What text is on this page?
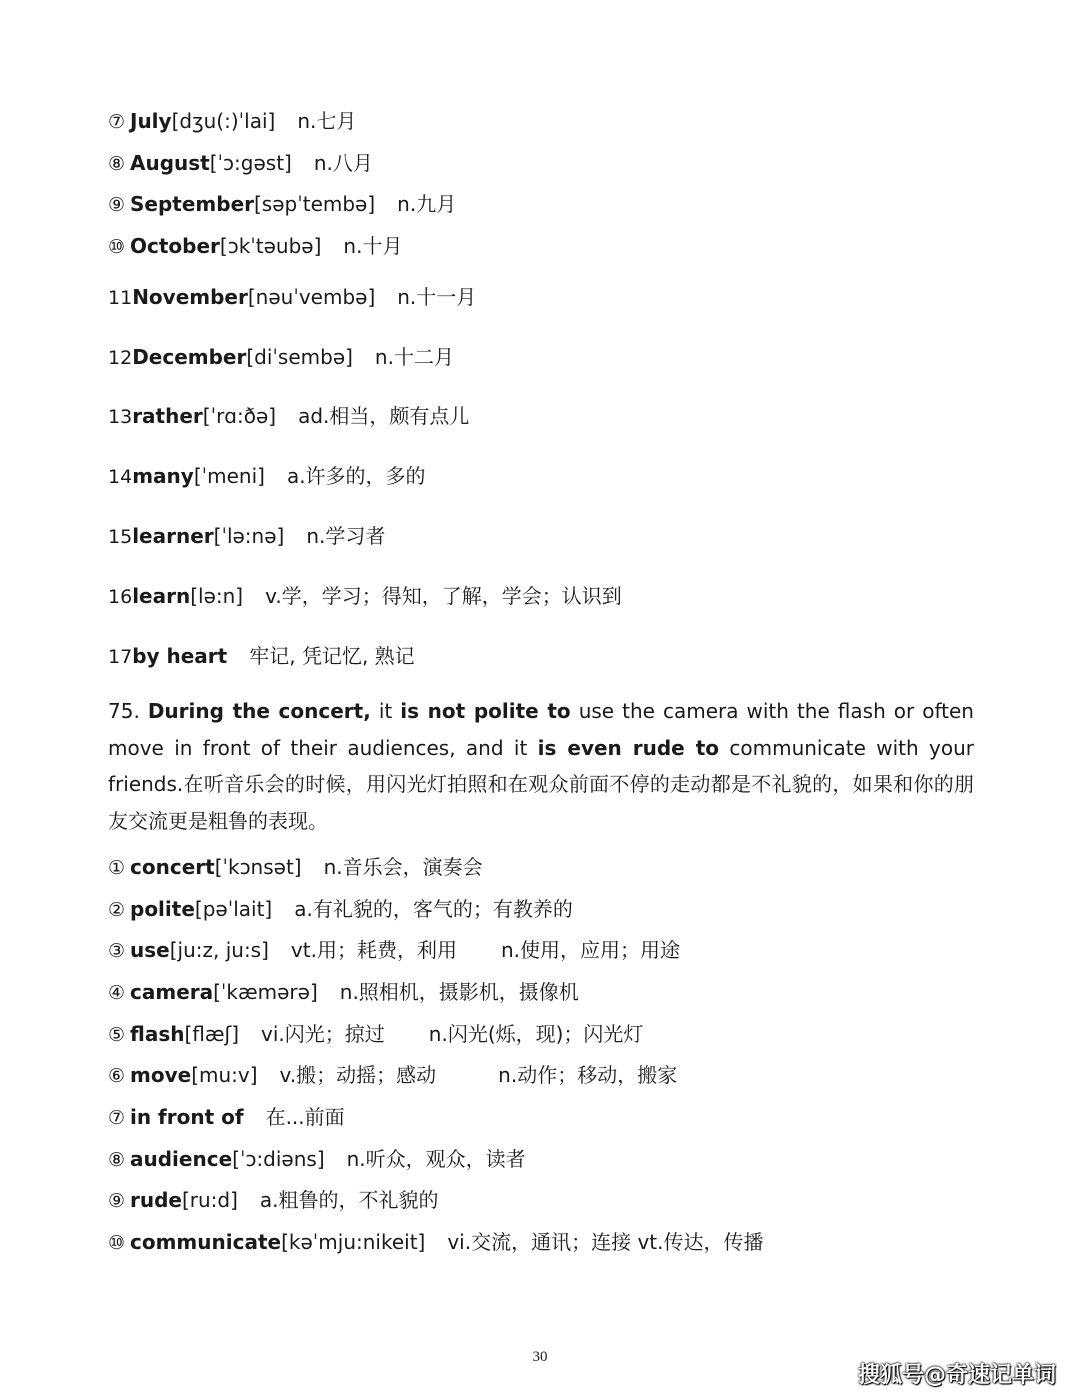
⑦ July[dʒu(:)ˈlai] n.七月
⑧ August[ˈɔ:gəst] n.八月
⑨ September[səpˈtembə] n.九月
⑩ October[ɔkˈtəubə] n.十月
11November[nəuˈvembə] n.十一月
12December[diˈsembə] n.十二月
13rather[ˈrɑ:ðə] ad.相当，颇有点儿
14many[ˈmeni] a.许多的，多的
15learner[ˈlə:nə] n.学习者
16learn[lə:n] v.学，学习；得知，了解，学会；认识到
17by heart 牢记, 凭记忆, 熟记
75. During the concert, it is not polite to use the camera with the flash or often move in front of their audiences, and it is even rude to communicate with your friends.在听音乐会的时候，用闪光灯拍照和在观众前面不停的走动都是不礼貌的，如果和你的朋友交流更是粗鲁的表现。
① concert[ˈkɔnsət] n.音乐会，演奏会
② polite[pəˈlait] a.有礼貌的，客气的；有教养的
③ use[ju:z, ju:s] vt.用；耗费，利用 n.使用，应用；用途
④ camera[ˈkæmərə] n.照相机，摄影机，摄像机
⑤ flash[flæʃ] vi.闪光；掠过 n.闪光(烁，现)；闪光灯
⑥ move[mu:v] v.搬；动摇；感动	n.动作；移动，搬家
⑦ in front of 在...前面
⑧ audience[ˈɔ:diəns] n.听众，观众，读者
⑨ rude[ru:d] a.粗鲁的，不礼貌的
⑩ communicate[kəˈmju:nikeit] vi.交流，通讯；连接 vt.传达，传播
30
搜狐号@奇速记单词
